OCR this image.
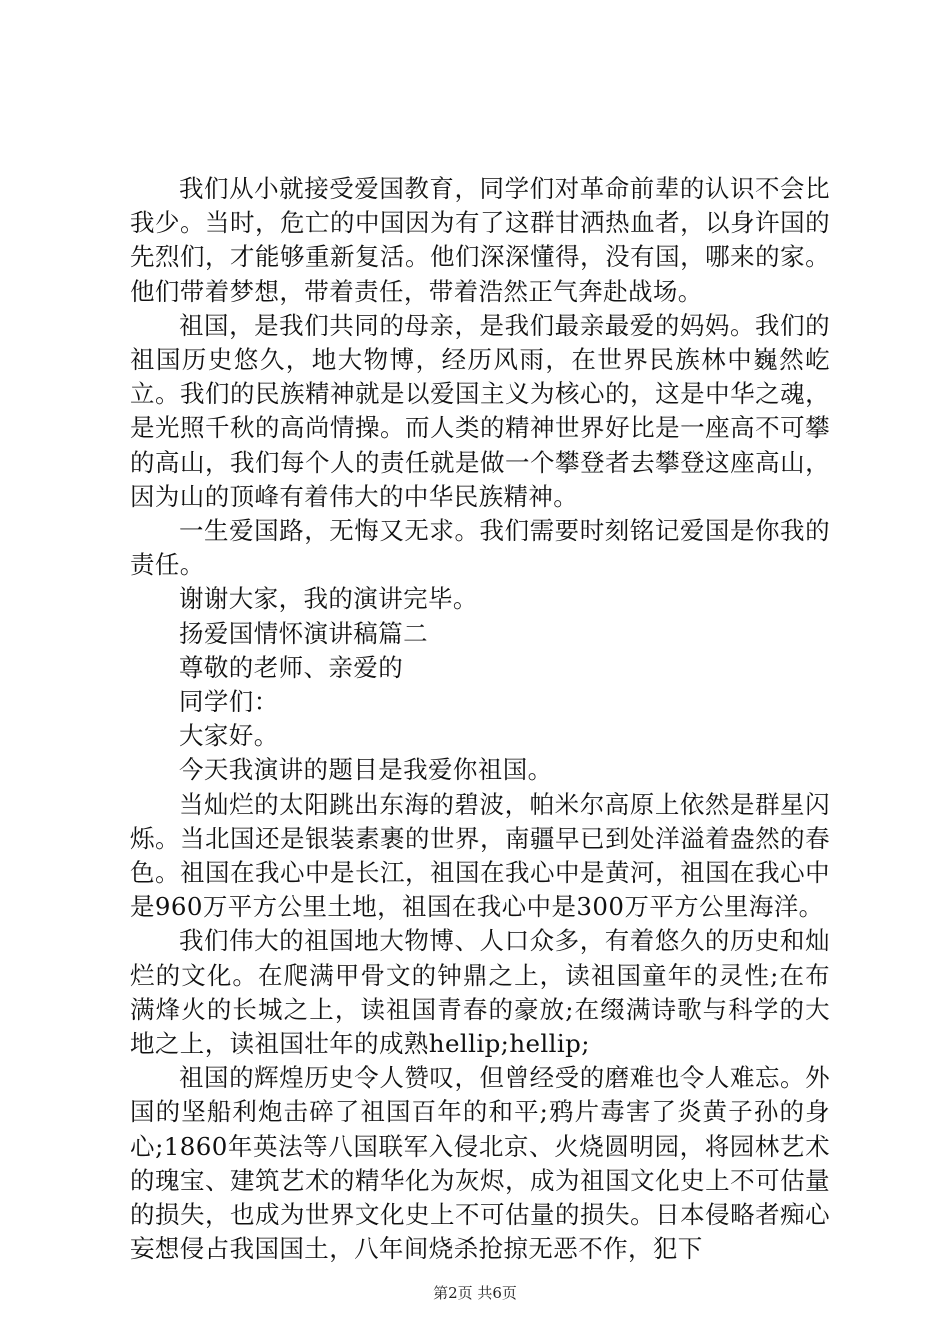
我们从小就接受爱国教育，同学们对革命前辈的认识不会比我少。当时，危亡的中国因为有了这群甘洒热血者，以身许国的先烈们，才能够重新复活。他们深深懂得，没有国，哪来的家。他们带着梦想，带着责任，带着浩然正气奔赴战场。

祖国，是我们共同的母亲，是我们最亲最爱的妈妈。我们的祖国历史悠久，地大物博，经历风雨，在世界民族林中巍然屹立。我们的民族精神就是以爱国主义为核心的，这是中华之魂，是光照千秋的高尚情操。而人类的精神世界好比是一座高不可攀的高山，我们每个人的责任就是做一个攀登者去攀登这座高山，因为山的顶峰有着伟大的中华民族精神。

一生爱国路，无悔又无求。我们需要时刻铭记爱国是你我的责任。

谢谢大家，我的演讲完毕。

扬爱国情怀演讲稿篇二

尊敬的老师、亲爱的

同学们：

大家好。

今天我演讲的题目是我爱你祖国。

当灿烂的太阳跳出东海的碧波，帕米尔高原上依然是群星闪烁。当北国还是银装素裹的世界，南疆早已到处洋溢着盎然的春色。祖国在我心中是长江，祖国在我心中是黄河，祖国在我心中是960万平方公里土地，祖国在我心中是300万平方公里海洋。

我们伟大的祖国地大物博、人口众多，有着悠久的历史和灿烂的文化。在爬满甲骨文的钟鼎之上，读祖国童年的灵性;在布满烽火的长城之上，读祖国青春的豪放;在缀满诗歌与科学的大地之上，读祖国壮年的成熟hellip;hellip;

祖国的辉煌历史令人赞叹，但曾经受的磨难也令人难忘。外国的坚船利炮击碎了祖国百年的和平;鸦片毒害了炎黄子孙的身心;1860年英法等八国联军入侵北京、火烧圆明园，将园林艺术的瑰宝、建筑艺术的精华化为灰烬，成为祖国文化史上不可估量的损失，也成为世界文化史上不可估量的损失。日本侵略者痴心妄想侵占我国国土，八年间烧杀抢掠无恶不作，犯下

第2页 共6页
